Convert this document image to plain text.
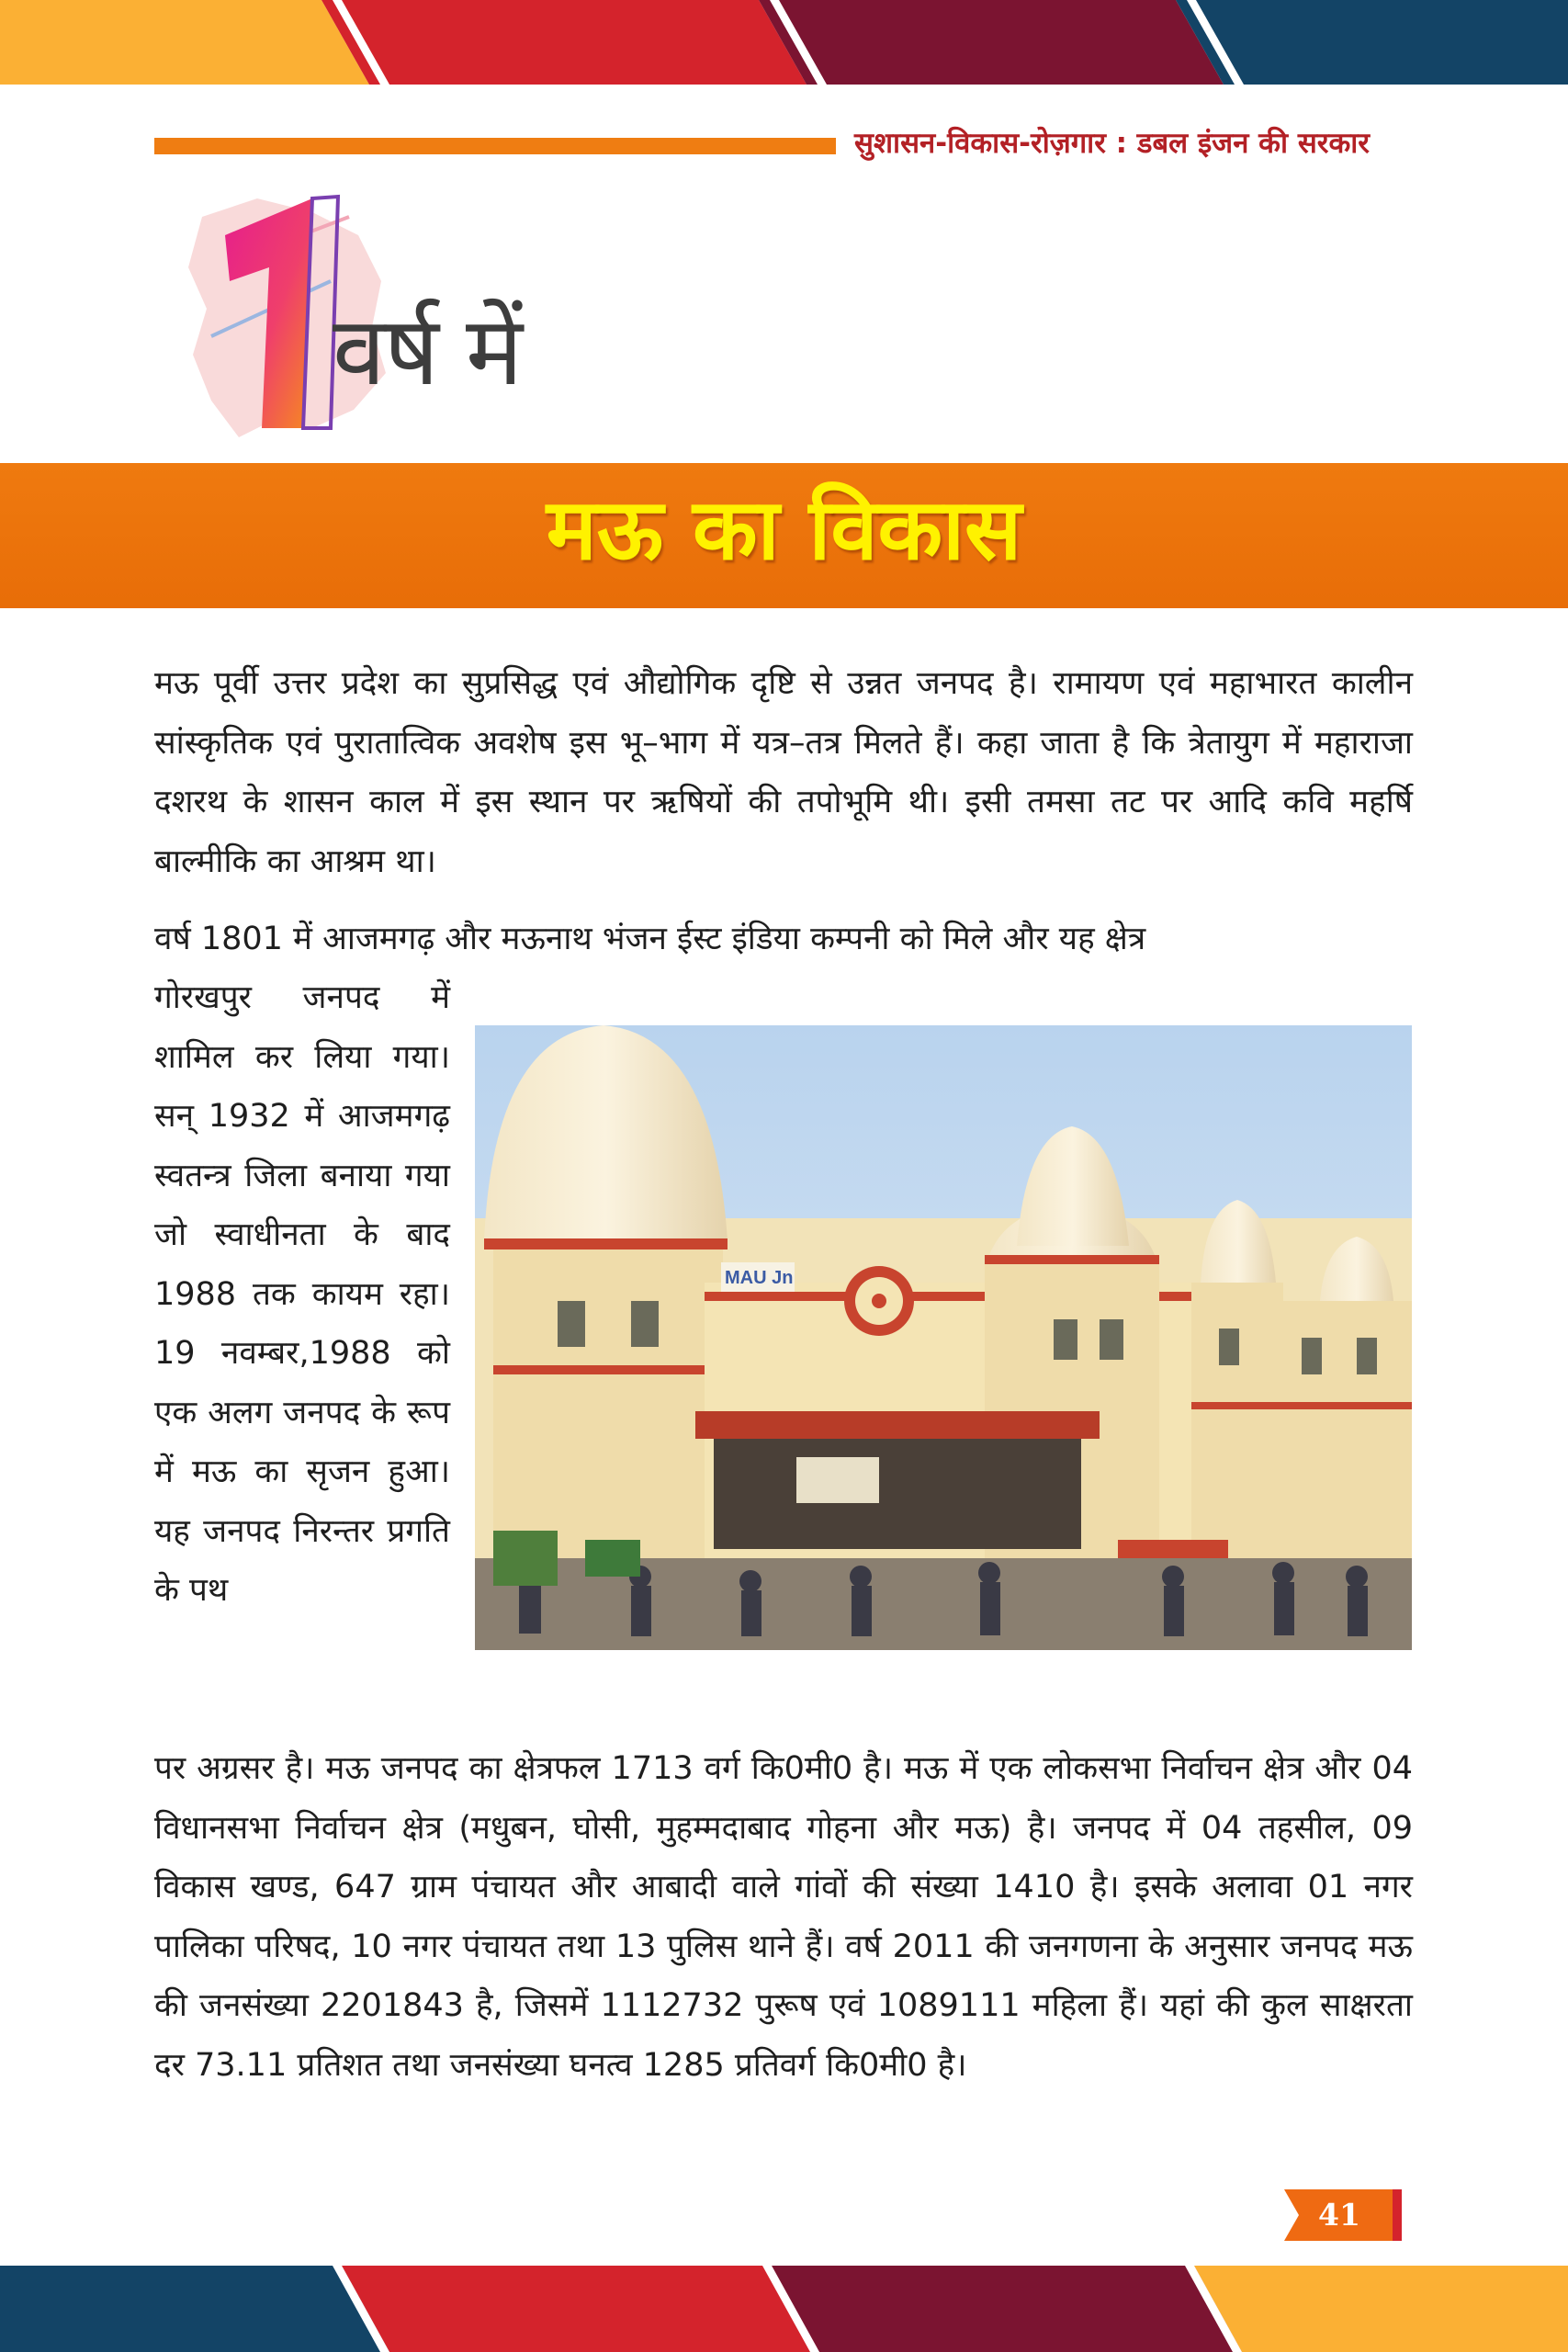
सुशासन-विकास-रोज़गार : डबल इंजन की सरकार
वर्ष में
मऊ का विकास

मऊ पूर्वी उत्तर प्रदेश का सुप्रसिद्ध एवं औद्योगिक दृष्टि से उन्नत जनपद है। रामायण एवं महाभारत कालीन सांस्कृतिक एवं पुरातात्विक अवशेष इस भू–भाग में यत्र–तत्र मिलते हैं। कहा जाता है कि त्रेतायुग में महाराजा दशरथ के शासन काल में इस स्थान पर ऋषियों की तपोभूमि थी। इसी तमसा तट पर आदि कवि महर्षि बाल्मीकि का आश्रम था।

वर्ष 1801 में आजमगढ़ और मऊनाथ भंजन ईस्ट इंडिया कम्पनी को मिले और यह क्षेत्र
गोरखपुर जनपद में शामिल कर लिया गया। सन् 1932 में आजमगढ़ स्वतन्त्र जिला बनाया गया जो स्वाधीनता के बाद 1988 तक कायम रहा। 19 नवम्बर,1988 को एक अलग जनपद के रूप में मऊ का सृजन हुआ। यह जनपद निरन्तर प्रगति के पथ
MAU Jn

पर अग्रसर है। मऊ जनपद का क्षेत्रफल 1713 वर्ग कि0मी0 है। मऊ में एक लोकसभा निर्वाचन क्षेत्र और 04 विधानसभा निर्वाचन क्षेत्र (मधुबन, घोसी, मुहम्मदाबाद गोहना और मऊ) है। जनपद में 04 तहसील, 09 विकास खण्ड, 647 ग्राम पंचायत और आबादी वाले गांवों की संख्या 1410 है। इसके अलावा 01 नगर पालिका परिषद, 10 नगर पंचायत तथा 13 पुलिस थाने हैं। वर्ष 2011 की जनगणना के अनुसार जनपद मऊ की जनसंख्या 2201843 है, जिसमें 1112732 पुरूष एवं 1089111 महिला हैं। यहां की कुल साक्षरता दर 73.11 प्रतिशत तथा जनसंख्या घनत्व 1285 प्रतिवर्ग कि0मी0 है।

41
